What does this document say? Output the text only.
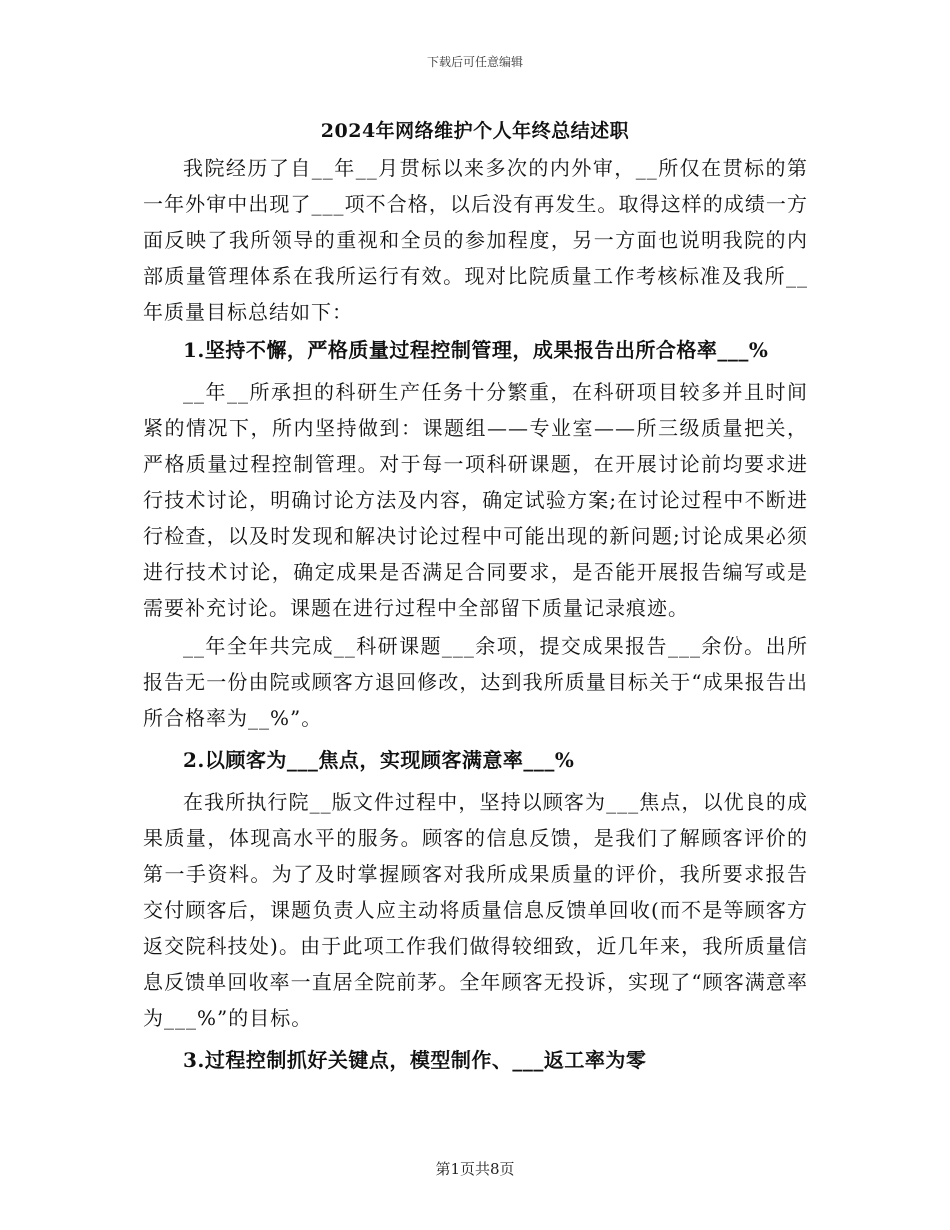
下载后可任意编辑
2024年网络维护个人年终总结述职

我院经历了自__年__月贯标以来多次的内外审，__所仅在贯标的第一年外审中出现了___项不合格，以后没有再发生。取得这样的成绩一方面反映了我所领导的重视和全员的参加程度，另一方面也说明我院的内部质量管理体系在我所运行有效。现对比院质量工作考核标准及我所__年质量目标总结如下：

1.坚持不懈，严格质量过程控制管理，成果报告出所合格率___%

__年__所承担的科研生产任务十分繁重，在科研项目较多并且时间紧的情况下，所内坚持做到：课题组——专业室——所三级质量把关，严格质量过程控制管理。对于每一项科研课题，在开展讨论前均要求进行技术讨论，明确讨论方法及内容，确定试验方案;在讨论过程中不断进行检查，以及时发现和解决讨论过程中可能出现的新问题;讨论成果必须进行技术讨论，确定成果是否满足合同要求，是否能开展报告编写或是需要补充讨论。课题在进行过程中全部留下质量记录痕迹。

__年全年共完成__科研课题___余项，提交成果报告___余份。出所报告无一份由院或顾客方退回修改，达到我所质量目标关于“成果报告出所合格率为__%”。

2.以顾客为___焦点，实现顾客满意率___%

在我所执行院__版文件过程中，坚持以顾客为___焦点，以优良的成果质量，体现高水平的服务。顾客的信息反馈，是我们了解顾客评价的第一手资料。为了及时掌握顾客对我所成果质量的评价，我所要求报告交付顾客后，课题负责人应主动将质量信息反馈单回收(而不是等顾客方返交院科技处)。由于此项工作我们做得较细致，近几年来，我所质量信息反馈单回收率一直居全院前茅。全年顾客无投诉，实现了“顾客满意率为___%”的目标。

3.过程控制抓好关键点，模型制作、___返工率为零

第1页共8页
